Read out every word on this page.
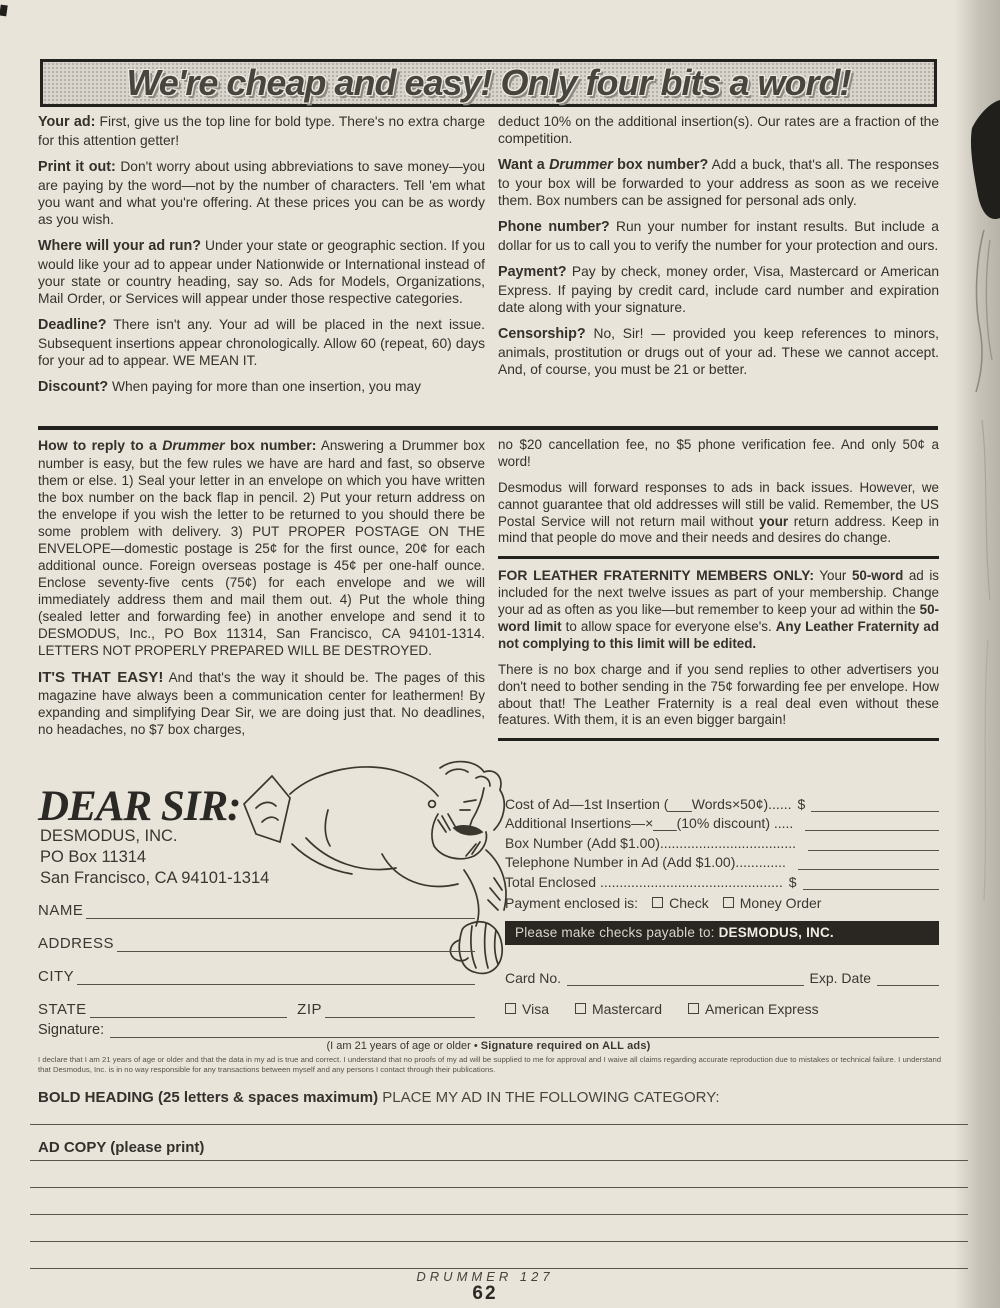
We're cheap and easy! Only four bits a word!

Your ad: First, give us the top line for bold type. There's no extra charge for this attention getter!

Print it out: Don't worry about using abbreviations to save money—you are paying by the word—not by the number of characters. Tell 'em what you want and what you're offering. At these prices you can be as wordy as you wish.

Where will your ad run? Under your state or geographic section. If you would like your ad to appear under Nationwide or International instead of your state or country heading, say so. Ads for Models, Organizations, Mail Order, or Services will appear under those respective categories.

Deadline? There isn't any. Your ad will be placed in the next issue. Subsequent insertions appear chronologically. Allow 60 (repeat, 60) days for your ad to appear. WE MEAN IT.

Discount? When paying for more than one insertion, you may

deduct 10% on the additional insertion(s). Our rates are a fraction of the competition.

Want a Drummer box number? Add a buck, that's all. The responses to your box will be forwarded to your address as soon as we receive them. Box numbers can be assigned for personal ads only.

Phone number? Run your number for instant results. But include a dollar for us to call you to verify the number for your protection and ours.

Payment? Pay by check, money order, Visa, Mastercard or American Express. If paying by credit card, include card number and expiration date along with your signature.

Censorship? No, Sir! — provided you keep references to minors, animals, prostitution or drugs out of your ad. These we cannot accept. And, of course, you must be 21 or better.

How to reply to a Drummer box number: Answering a Drummer box number is easy, but the few rules we have are hard and fast, so observe them or else. 1) Seal your letter in an envelope on which you have written the box number on the back flap in pencil. 2) Put your return address on the envelope if you wish the letter to be returned to you should there be some problem with delivery. 3) PUT PROPER POSTAGE ON THE ENVELOPE—domestic postage is 25¢ for the first ounce, 20¢ for each additional ounce. Foreign overseas postage is 45¢ per one-half ounce. Enclose seventy-five cents (75¢) for each envelope and we will immediately address them and mail them out. 4) Put the whole thing (sealed letter and forwarding fee) in another envelope and send it to DESMODUS, Inc., PO Box 11314, San Francisco, CA 94101-1314. LETTERS NOT PROPERLY PREPARED WILL BE DESTROYED.

IT'S THAT EASY! And that's the way it should be. The pages of this magazine have always been a communication center for leathermen! By expanding and simplifying Dear Sir, we are doing just that. No deadlines, no headaches, no $7 box charges,

no $20 cancellation fee, no $5 phone verification fee. And only 50¢ a word!

Desmodus will forward responses to ads in back issues. However, we cannot guarantee that old addresses will still be valid. Remember, the US Postal Service will not return mail without your return address. Keep in mind that people do move and their needs and desires do change.

FOR LEATHER FRATERNITY MEMBERS ONLY: Your 50-word ad is included for the next twelve issues as part of your membership. Change your ad as often as you like—but remember to keep your ad within the 50-word limit to allow space for everyone else's. Any Leather Fraternity ad not complying to this limit will be edited.

There is no box charge and if you send replies to other advertisers you don't need to bother sending in the 75¢ forwarding fee per envelope. How about that! The Leather Fraternity is a real deal even without these features. With them, it is an even bigger bargain!

DEAR SIR:
DESMODUS, INC.
PO Box 11314
San Francisco, CA 94101-1314
NAME
ADDRESS
CITY
STATE	ZIP
Signature:
Cost of Ad—1st Insertion (___Words×50¢)...... $
Additional Insertions—×___(10% discount) .....
Box Number (Add $1.00)...................................
Telephone Number in Ad (Add $1.00).............
Total Enclosed ............................................... $
Payment enclosed is: Check Money Order
Please make checks payable to: DESMODUS, INC.
Card No.	Exp. Date
Visa	Mastercard	American Express
(I am 21 years of age or older • Signature required on ALL ads)
I declare that I am 21 years of age or older and that the data in my ad is true and correct. I understand that no proofs of my ad will be supplied to me for approval and I waive all claims regarding accurate reproduction due to mistakes or technical failure. I understand that Desmodus, Inc. is in no way responsible for any transactions between myself and any persons I contact through their publications.
BOLD HEADING (25 letters & spaces maximum) PLACE MY AD IN THE FOLLOWING CATEGORY:
AD COPY (please print)
DRUMMER 127
62
